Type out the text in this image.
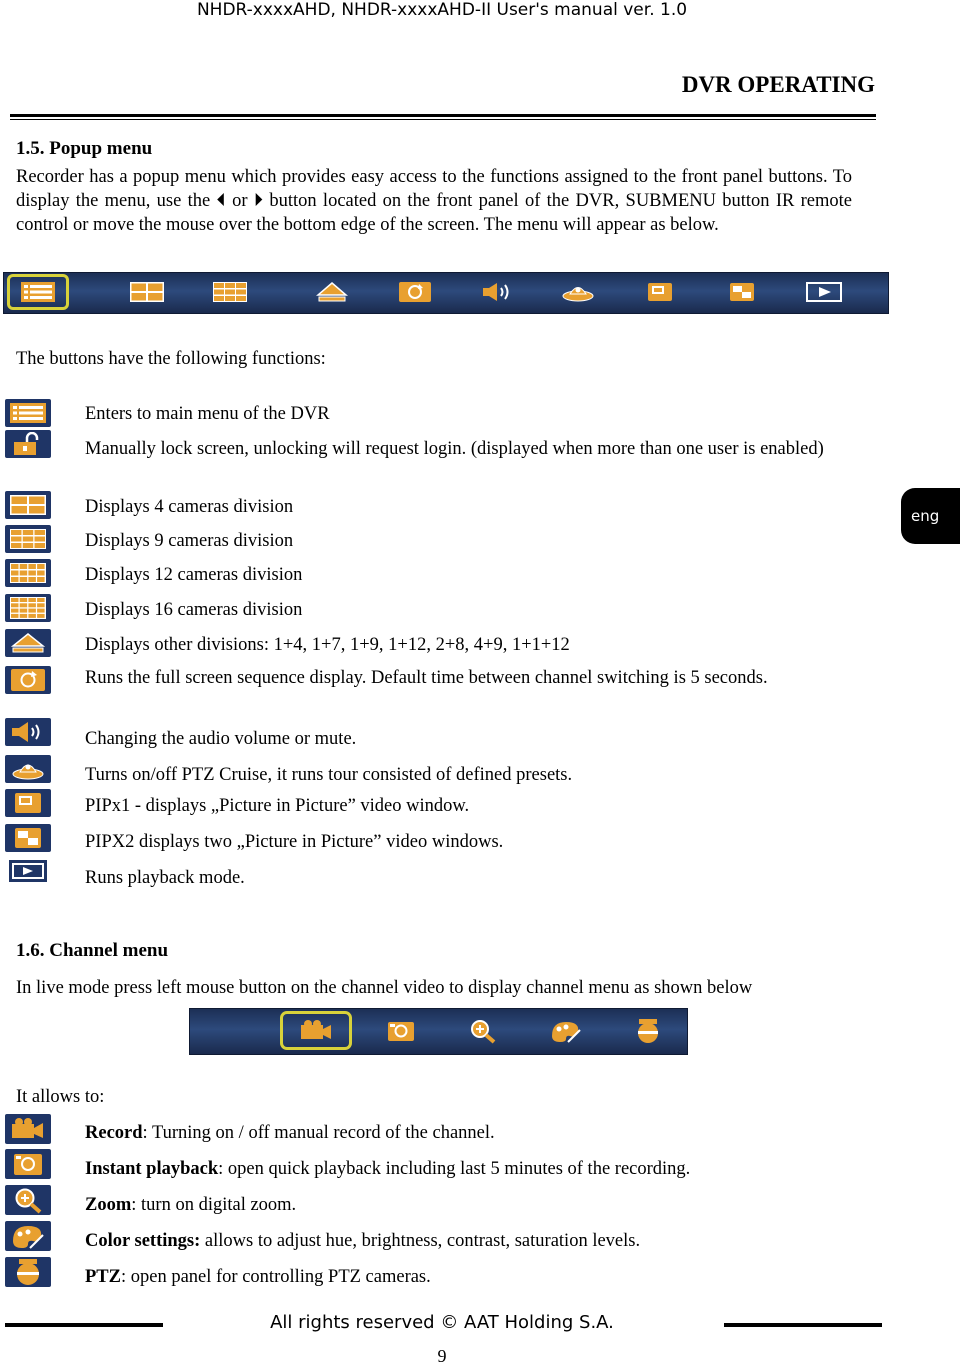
NHDR-xxxxAHD, NHDR-xxxxAHD-II User's manual ver. 1.0
DVR OPERATING
1.5. Popup menu
Recorder has a popup menu which provides easy access to the functions assigned to the front panel buttons. To display the menu, use the ⏴ or ⏵ button located on the front panel of the DVR, SUBMENU button IR remote control or move the mouse over the bottom edge of the screen. The menu will appear as below.
The buttons have the following functions:
Enters to main menu of the DVR
Manually lock screen, unlocking will request login. (displayed when more than one user is enabled)
Displays 4 cameras division
Displays 9 cameras division
Displays 12 cameras division
Displays 16 cameras division
Displays other divisions: 1+4, 1+7, 1+9, 1+12, 2+8, 4+9, 1+1+12
Runs the full screen sequence display. Default time between channel switching is 5 seconds.
Changing the audio volume or mute.
Turns on/off PTZ Cruise, it runs tour consisted of defined presets.
PIPx1 - displays „Picture in Picture” video window.
PIPX2 displays two „Picture in Picture” video windows.
Runs playback mode.
eng
1.6. Channel menu
In live mode press left mouse button on the channel video to display channel menu as shown below
It allows to:
Record: Turning on / off manual record of the channel.
Instant playback: open quick playback including last 5 minutes of the recording.
Zoom: turn on digital zoom.
Color settings: allows to adjust hue, brightness, contrast, saturation levels.
PTZ: open panel for controlling PTZ cameras.
All rights reserved © AAT Holding S.A.
9
